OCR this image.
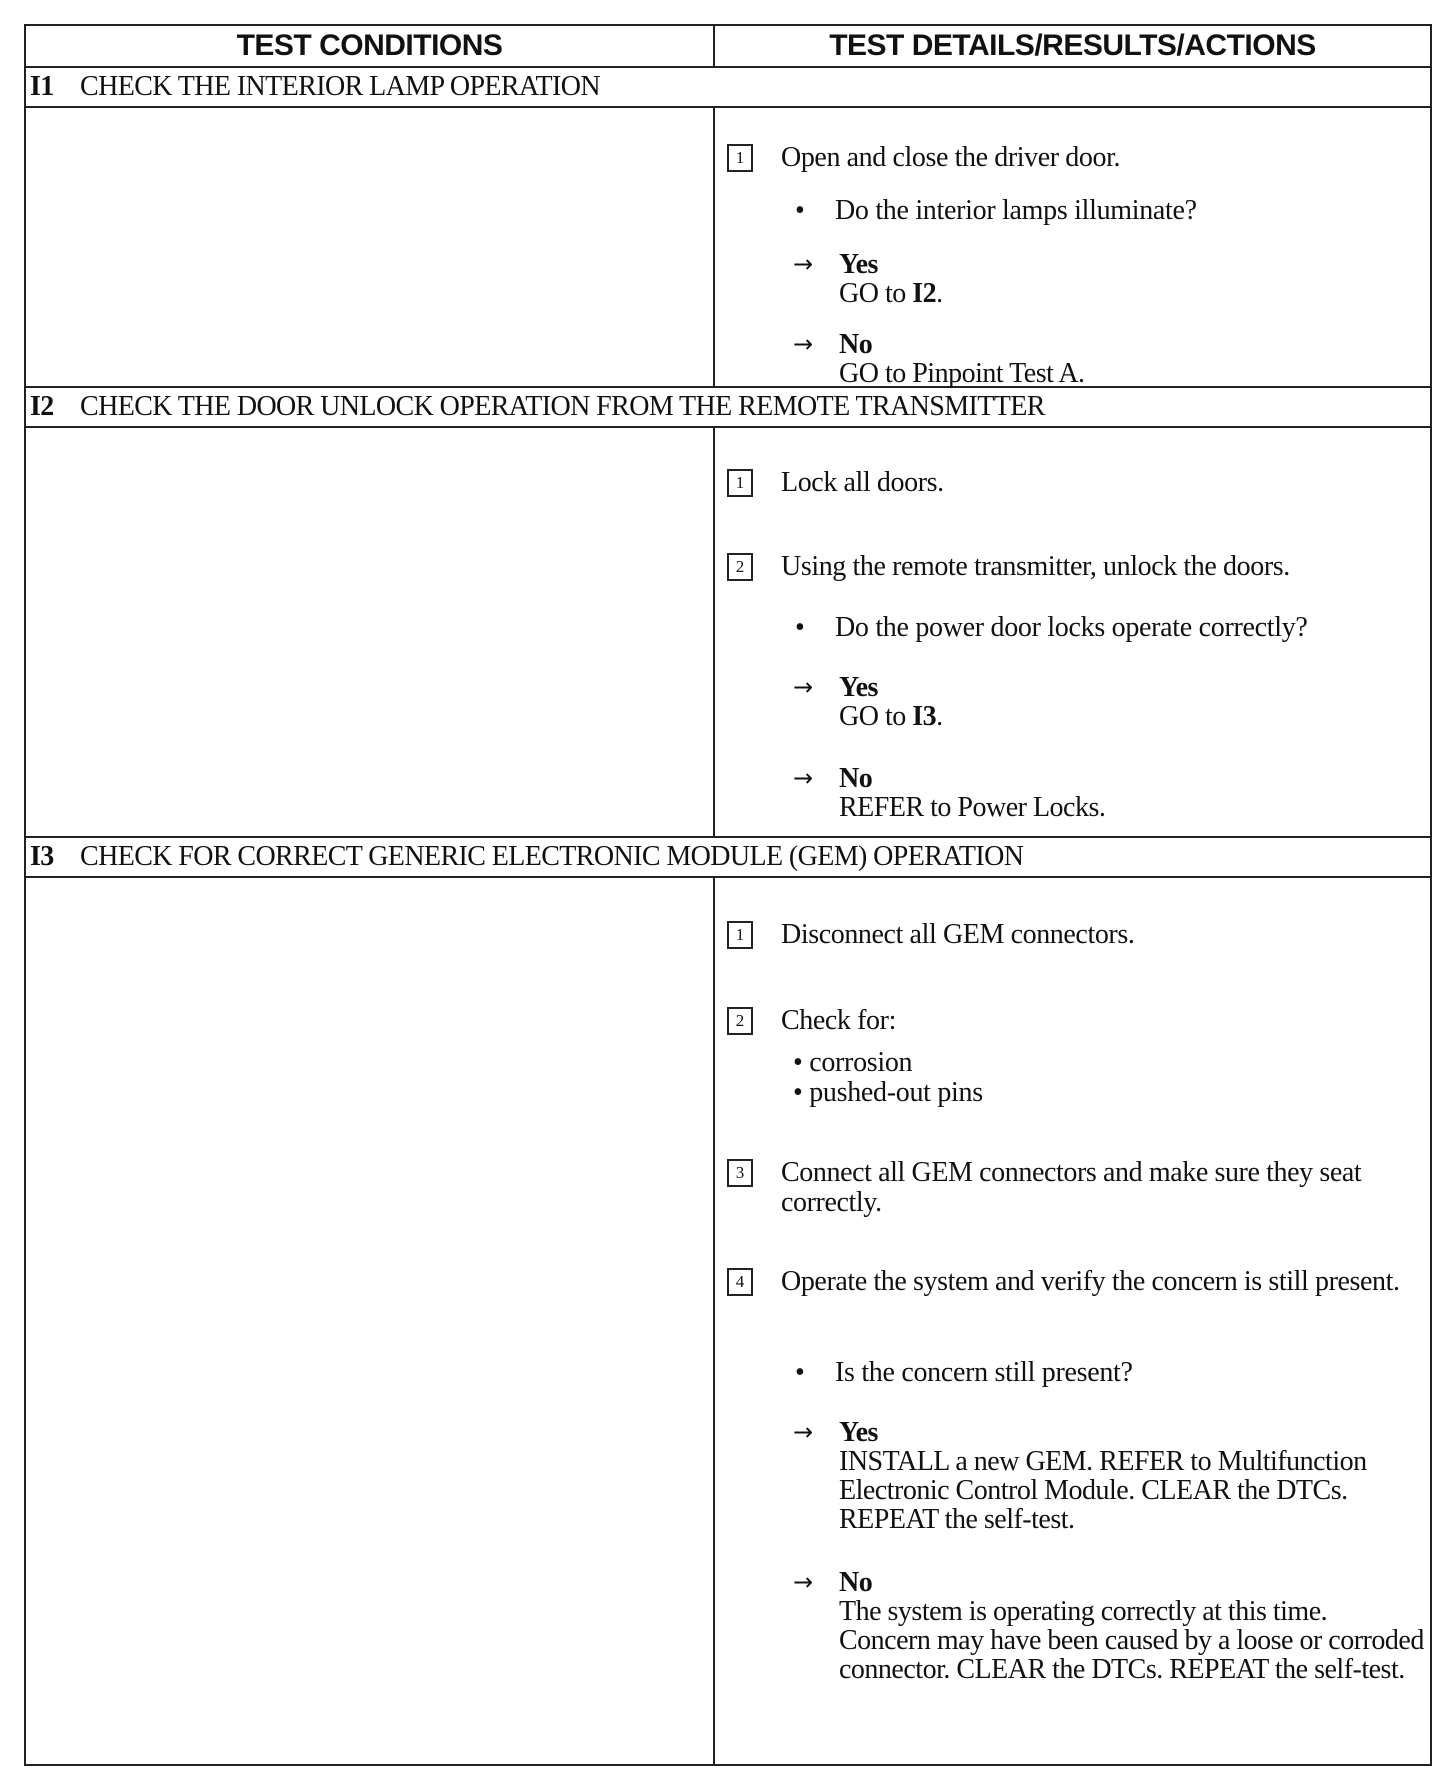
TEST CONDITIONS	TEST DETAILS/RESULTS/ACTIONS
I1 CHECK THE INTERIOR LAMP OPERATION
1	Open and close the driver door.
• Do the interior lamps illuminate?
→ Yes
GO to I2.
→ No
GO to Pinpoint Test A.
I2 CHECK THE DOOR UNLOCK OPERATION FROM THE REMOTE TRANSMITTER
1	Lock all doors.
2	Using the remote transmitter, unlock the doors.
• Do the power door locks operate correctly?
→ Yes
GO to I3.
→ No
REFER to Power Locks.
I3 CHECK FOR CORRECT GENERIC ELECTRONIC MODULE (GEM) OPERATION
1	Disconnect all GEM connectors.
2	Check for:
• corrosion
• pushed-out pins
3	Connect all GEM connectors and make sure they seat correctly.
4	Operate the system and verify the concern is still present.
• Is the concern still present?
→ Yes
INSTALL a new GEM. REFER to Multifunction Electronic Control Module. CLEAR the DTCs. REPEAT the self-test.
→ No
The system is operating correctly at this time. Concern may have been caused by a loose or corroded connector. CLEAR the DTCs. REPEAT the self-test.
